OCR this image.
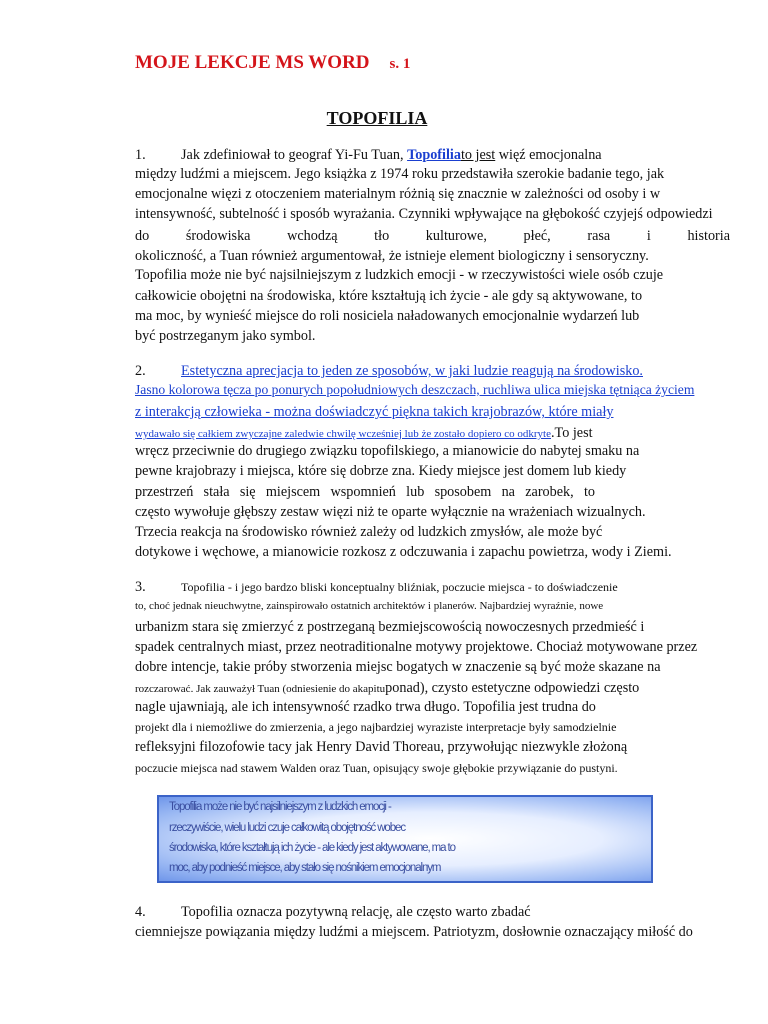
MOJE LEKCJE MS WORD s. 1
TOPOFILIA
1. Jak zdefiniował to geograf Yi-Fu Tuan, Topofiliato jest więź emocjonalna
między ludźmi a miejscem. Jego książka z 1974 roku przedstawiła szerokie badanie tego, jak
emocjonalne więzi z otoczeniem materialnym różnią się znacznie w zależności od osoby i w
intensywność, subtelność i sposób wyrażania. Czynniki wpływające na głębokość czyjejś odpowiedzi
do środowiska wchodzą tło kulturowe, płeć, rasa i historia
okoliczność, a Tuan również argumentował, że istnieje element biologiczny i sensoryczny.
Topofilia może nie być najsilniejszym z ludzkich emocji - w rzeczywistości wiele osób czuje
całkowicie obojętni na środowiska, które kształtują ich życie - ale gdy są aktywowane, to
ma moc, by wynieść miejsce do roli nosiciela naładowanych emocjonalnie wydarzeń lub
być postrzeganym jako symbol.
2. Estetyczna aprecjacja to jeden ze sposobów, w jaki ludzie reagują na środowisko.
Jasno kolorowa tęcza po ponurych popołudniowych deszczach, ruchliwa ulica miejska tętniąca życiem
z interakcją człowieka - można doświadczyć piękna takich krajobrazów, które miały
wydawało się całkiem zwyczajne zaledwie chwilę wcześniej lub że zostało dopiero co odkryte.To jest
wręcz przeciwnie do drugiego związku topofilskiego, a mianowicie do nabytej smaku na
pewne krajobrazy i miejsca, które się dobrze zna. Kiedy miejsce jest domem lub kiedy
przestrzeń stała się miejscem wspomnień lub sposobem na zarobek, to
często wywołuje głębszy zestaw więzi niż te oparte wyłącznie na wrażeniach wizualnych.
Trzecia reakcja na środowisko również zależy od ludzkich zmysłów, ale może być
dotykowe i węchowe, a mianowicie rozkosz z odczuwania i zapachu powietrza, wody i Ziemi.
3.	Topofilia - i jego bardzo bliski konceptualny bliźniak, poczucie miejsca - to doświadczenie
to, choć jednak nieuchwytne, zainspirowało ostatnich architektów i planerów. Najbardziej wyraźnie, nowe
urbanizm stara się zmierzyć z postrzeganą bezmiejscowością nowoczesnych przedmieść i
spadek centralnych miast, przez neotraditionalne motywy projektowe. Chociaż motywowane przez
dobre intencje, takie próby stworzenia miejsc bogatych w znaczenie są być może skazane na
rozczarować. Jak zauważył Tuan (odniesienie do akapituponad), czysto estetyczne odpowiedzi często
nagle ujawniają, ale ich intensywność rzadko trwa długo. Topofilia jest trudna do
projekt dla i niemożliwe do zmierzenia, a jego najbardziej wyraziste interpretacje były samodzielnie
refleksyjni filozofowie tacy jak Henry David Thoreau, przywołując niezwykle złożoną
poczucie miejsca nad stawem Walden oraz Tuan, opisujący swoje głębokie przywiązanie do pustyni.
Topofilia może nie być najsilniejszym z ludzkich emocji -
rzeczywiście, wielu ludzi czuje całkowitą obojętność wobec
środowiska, które kształtują ich życie - ale kiedy jest aktywowane, ma to
moc, aby podnieść miejsce, aby stało się nośnikiem emocjonalnym
4. Topofilia oznacza pozytywną relację, ale często warto zbadać
ciemniejsze powiązania między ludźmi a miejscem. Patriotyzm, dosłownie oznaczający miłość do
